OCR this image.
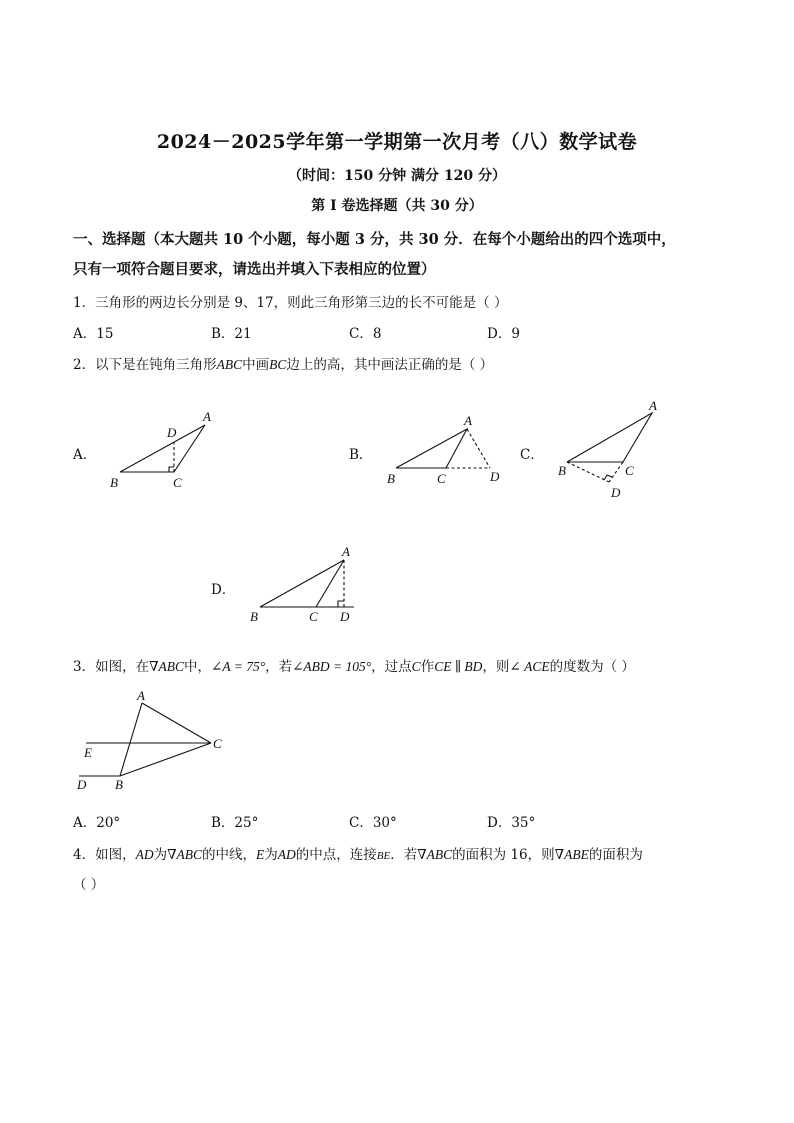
2024－2025学年第一学期第一次月考（八）数学试卷
（时间：150 分钟 满分 120 分）
第 I 卷选择题（共 30 分）
一、选择题（本大题共 10 个小题，每小题 3 分，共 30 分．在每个小题给出的四个选项中，
只有一项符合题目要求，请选出并填入下表相应的位置）
1．三角形的两边长分别是 9、17，则此三角形第三边的长不可能是（ ）
A．15	B．21	C．8	D．9
2．以下是在钝角三角形ABC中画BC边上的高，其中画法正确的是（ ）
A．	B．	C．
D．
A
D
B	C
A
B	C	D
A
B	C
D
A
B	C D
3．如图，在∇ABC中，∠A = 75°，若∠ABD = 105°，过点C作CE ∥ BD，则∠ ACE的度数为（ ）
A
E
C
D B
A．20°	B．25°	C．30°	D．35°
4．如图，AD为∇ABC的中线，E为AD的中点，连接BE．若∇ABC的面积为 16，则∇ABE的面积为
（ ）
